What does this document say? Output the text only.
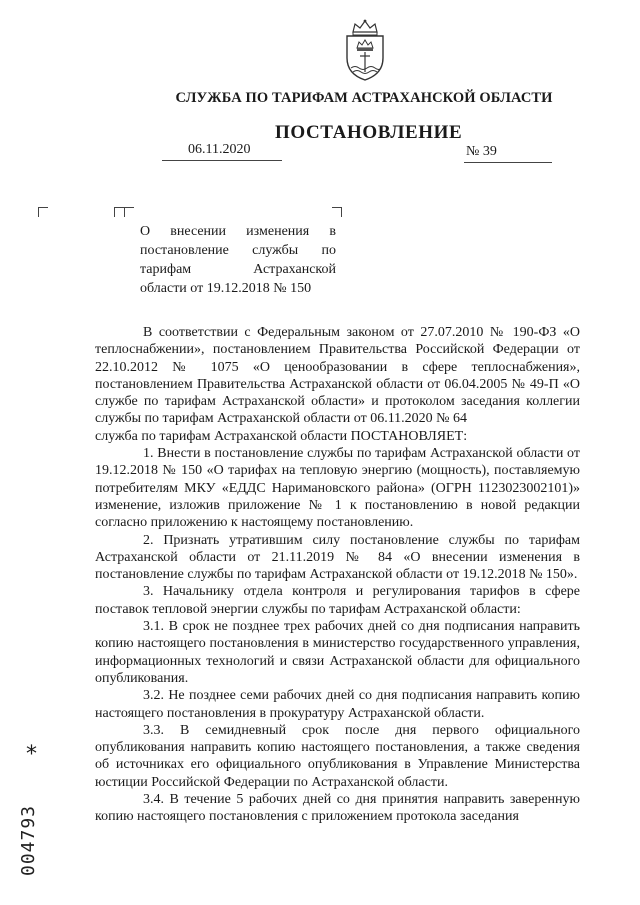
СЛУЖБА ПО ТАРИФАМ АСТРАХАНСКОЙ ОБЛАСТИ
ПОСТАНОВЛЕНИЕ
06.11.2020	№ 39
О внесении изменения в
постановление службы по
тарифам Астраханской
области от 19.12.2018 № 150

В соответствии с Федеральным законом от 27.07.2010 № 190-ФЗ «О теплоснабжении», постановлением Правительства Российской Федерации от 22.10.2012 № 1075 «О ценообразовании в сфере теплоснабжения», постановлением Правительства Астраханской области от 06.04.2005 № 49-П «О службе по тарифам Астраханской области» и протоколом заседания коллегии службы по тарифам Астраханской области от 06.11.2020 № 64

служба по тарифам Астраханской области ПОСТАНОВЛЯЕТ:

1. Внести в постановление службы по тарифам Астраханской области от 19.12.2018 № 150 «О тарифах на тепловую энергию (мощность), поставляемую потребителям МКУ «ЕДДС Наримановского района» (ОГРН 1123023002101)» изменение, изложив приложение № 1 к постановлению в новой редакции согласно приложению к настоящему постановлению.

2. Признать утратившим силу постановление службы по тарифам Астраханской области от 21.11.2019 № 84 «О внесении изменения в постановление службы по тарифам Астраханской области от 19.12.2018 № 150».

3. Начальнику отдела контроля и регулирования тарифов в сфере поставок тепловой энергии службы по тарифам Астраханской области:

3.1. В срок не позднее трех рабочих дней со дня подписания направить копию настоящего постановления в министерство государственного управления, информационных технологий и связи Астраханской области для официального опубликования.

3.2. Не позднее семи рабочих дней со дня подписания направить копию настоящего постановления в прокуратуру Астраханской области.

3.3. В семидневный срок после дня первого официального опубликования направить копию настоящего постановления, а также сведения об источниках его официального опубликования в Управление Министерства юстиции Российской Федерации по Астраханской области.

3.4. В течение 5 рабочих дней со дня принятия направить заверенную копию настоящего постановления с приложением протокола заседания

*
004793
